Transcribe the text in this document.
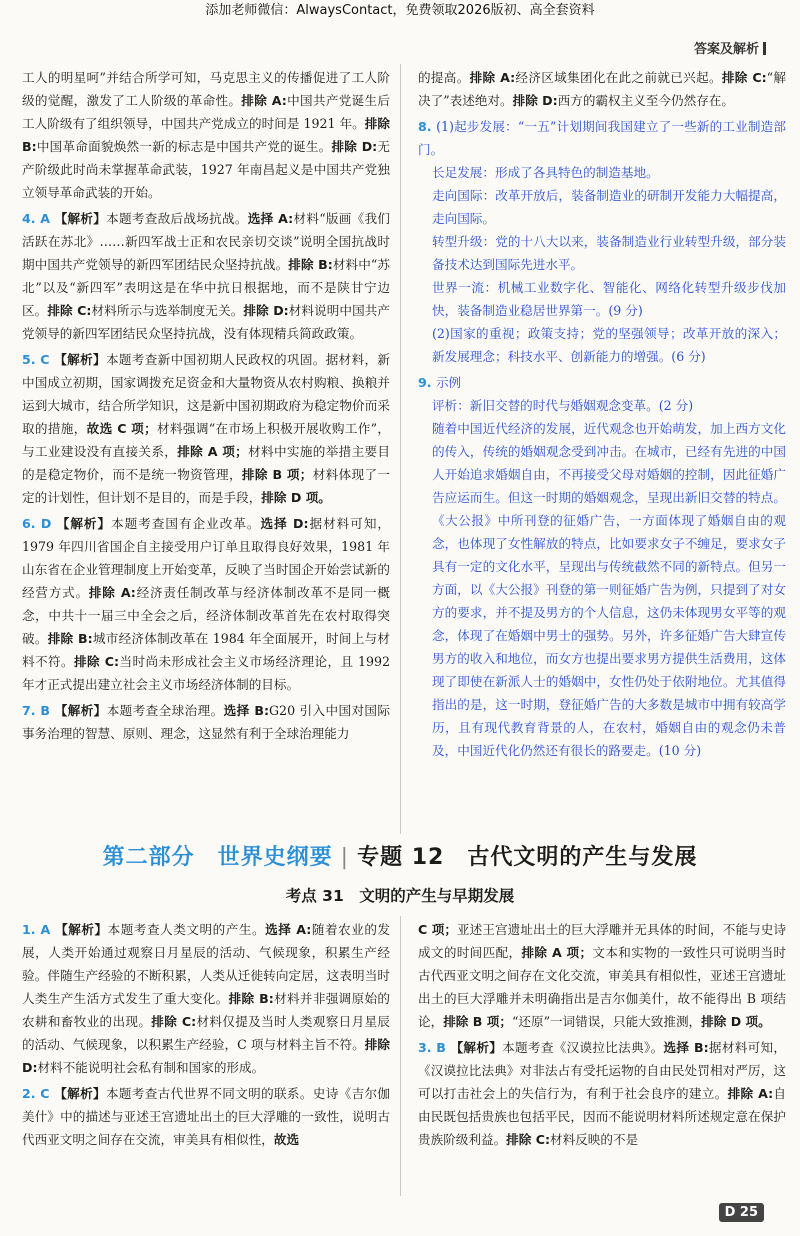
添加老师微信：AlwaysContact，免费领取2026版初、高全套资料
答案及解析

工人的明星呵”并结合所学可知，马克思主义的传播促进了工人阶级的觉醒，激发了工人阶级的革命性。排除 A:中国共产党诞生后工人阶级有了组织领导，中国共产党成立的时间是 1921 年。排除 B:中国革命面貌焕然一新的标志是中国共产党的诞生。排除 D:无产阶级此时尚未掌握革命武装，1927 年南昌起义是中国共产党独立领导革命武装的开始。

4. A 【解析】本题考查敌后战场抗战。选择 A:材料“版画《我们活跃在苏北》……新四军战士正和农民亲切交谈”说明全国抗战时期中国共产党领导的新四军团结民众坚持抗战。排除 B:材料中“苏北”以及“新四军”表明这是在华中抗日根据地，而不是陕甘宁边区。排除 C:材料所示与选举制度无关。排除 D:材料说明中国共产党领导的新四军团结民众坚持抗战，没有体现精兵简政政策。

5. C 【解析】本题考查新中国初期人民政权的巩固。据材料，新中国成立初期，国家调拨充足资金和大量物资从农村购粮、换粮并运到大城市，结合所学知识，这是新中国初期政府为稳定物价而采取的措施，故选 C 项；材料强调“在市场上积极开展收购工作”，与工业建设没有直接关系，排除 A 项；材料中实施的举措主要目的是稳定物价，而不是统一物资管理，排除 B 项；材料体现了一定的计划性，但计划不是目的，而是手段，排除 D 项。

6. D 【解析】本题考查国有企业改革。选择 D:据材料可知，1979 年四川省国企自主接受用户订单且取得良好效果，1981 年山东省在企业管理制度上开始变革，反映了当时国企开始尝试新的经营方式。排除 A:经济责任制改革与经济体制改革不是同一概念，中共十一届三中全会之后，经济体制改革首先在农村取得突破。排除 B:城市经济体制改革在 1984 年全面展开，时间上与材料不符。排除 C:当时尚未形成社会主义市场经济理论，且 1992 年才正式提出建立社会主义市场经济体制的目标。

7. B 【解析】本题考查全球治理。选择 B:G20 引入中国对国际事务治理的智慧、原则、理念，这显然有利于全球治理能力

的提高。排除 A:经济区域集团化在此之前就已兴起。排除 C:“解决了”表述绝对。排除 D:西方的霸权主义至今仍然存在。

8. (1)起步发展：“一五”计划期间我国建立了一些新的工业制造部门。

长足发展：形成了各具特色的制造基地。

走向国际：改革开放后，装备制造业的研制开发能力大幅提高，走向国际。

转型升级：党的十八大以来，装备制造业行业转型升级，部分装备技术达到国际先进水平。

世界一流：机械工业数字化、智能化、网络化转型升级步伐加快，装备制造业稳居世界第一。(9 分)

(2)国家的重视；政策支持；党的坚强领导；改革开放的深入；新发展理念；科技水平、创新能力的增强。(6 分)

9. 示例

评析：新旧交替的时代与婚姻观念变革。(2 分)

随着中国近代经济的发展，近代观念也开始萌发，加上西方文化的传入，传统的婚姻观念受到冲击。在城市，已经有先进的中国人开始追求婚姻自由，不再接受父母对婚姻的控制，因此征婚广告应运而生。但这一时期的婚姻观念，呈现出新旧交替的特点。《大公报》中所刊登的征婚广告，一方面体现了婚姻自由的观念，也体现了女性解放的特点，比如要求女子不缠足，要求女子具有一定的文化水平，呈现出与传统截然不同的新特点。但另一方面，以《大公报》刊登的第一则征婚广告为例，只提到了对女方的要求，并不提及男方的个人信息，这仍未体现男女平等的观念，体现了在婚姻中男士的强势。另外，许多征婚广告大肆宣传男方的收入和地位，而女方也提出要求男方提供生活费用，这体现了即使在新派人士的婚姻中，女性仍处于依附地位。尤其值得指出的是，这一时期，登征婚广告的大多数是城市中拥有较高学历，且有现代教育背景的人，在农村，婚姻自由的观念仍未普及，中国近代化仍然还有很长的路要走。(10 分)

第二部分　世界史纲要 | 专题 12　古代文明的产生与发展
考点 31　文明的产生与早期发展

1. A 【解析】本题考查人类文明的产生。选择 A:随着农业的发展，人类开始通过观察日月星辰的活动、气候现象，积累生产经验。伴随生产经验的不断积累，人类从迁徙转向定居，这表明当时人类生产生活方式发生了重大变化。排除 B:材料并非强调原始的农耕和畜牧业的出现。排除 C:材料仅提及当时人类观察日月星辰的活动、气候现象，以积累生产经验，C 项与材料主旨不符。排除 D:材料不能说明社会私有制和国家的形成。

2. C 【解析】本题考查古代世界不同文明的联系。史诗《吉尔伽美什》中的描述与亚述王宫遗址出土的巨大浮雕的一致性，说明古代西亚文明之间存在交流，审美具有相似性，故选

C 项；亚述王宫遗址出土的巨大浮雕并无具体的时间，不能与史诗成文的时间匹配，排除 A 项；文本和实物的一致性只可说明当时古代西亚文明之间存在文化交流，审美具有相似性，亚述王宫遗址出土的巨大浮雕并未明确指出是吉尔伽美什，故不能得出 B 项结论，排除 B 项；“还原”一词错误，只能大致推测，排除 D 项。

3. B 【解析】本题考查《汉谟拉比法典》。选择 B:据材料可知，《汉谟拉比法典》对非法占有受托运物的自由民处罚相对严厉，这可以打击社会上的失信行为，有利于社会良序的建立。排除 A:自由民既包括贵族也包括平民，因而不能说明材料所述规定意在保护贵族阶级利益。排除 C:材料反映的不是

D 25
